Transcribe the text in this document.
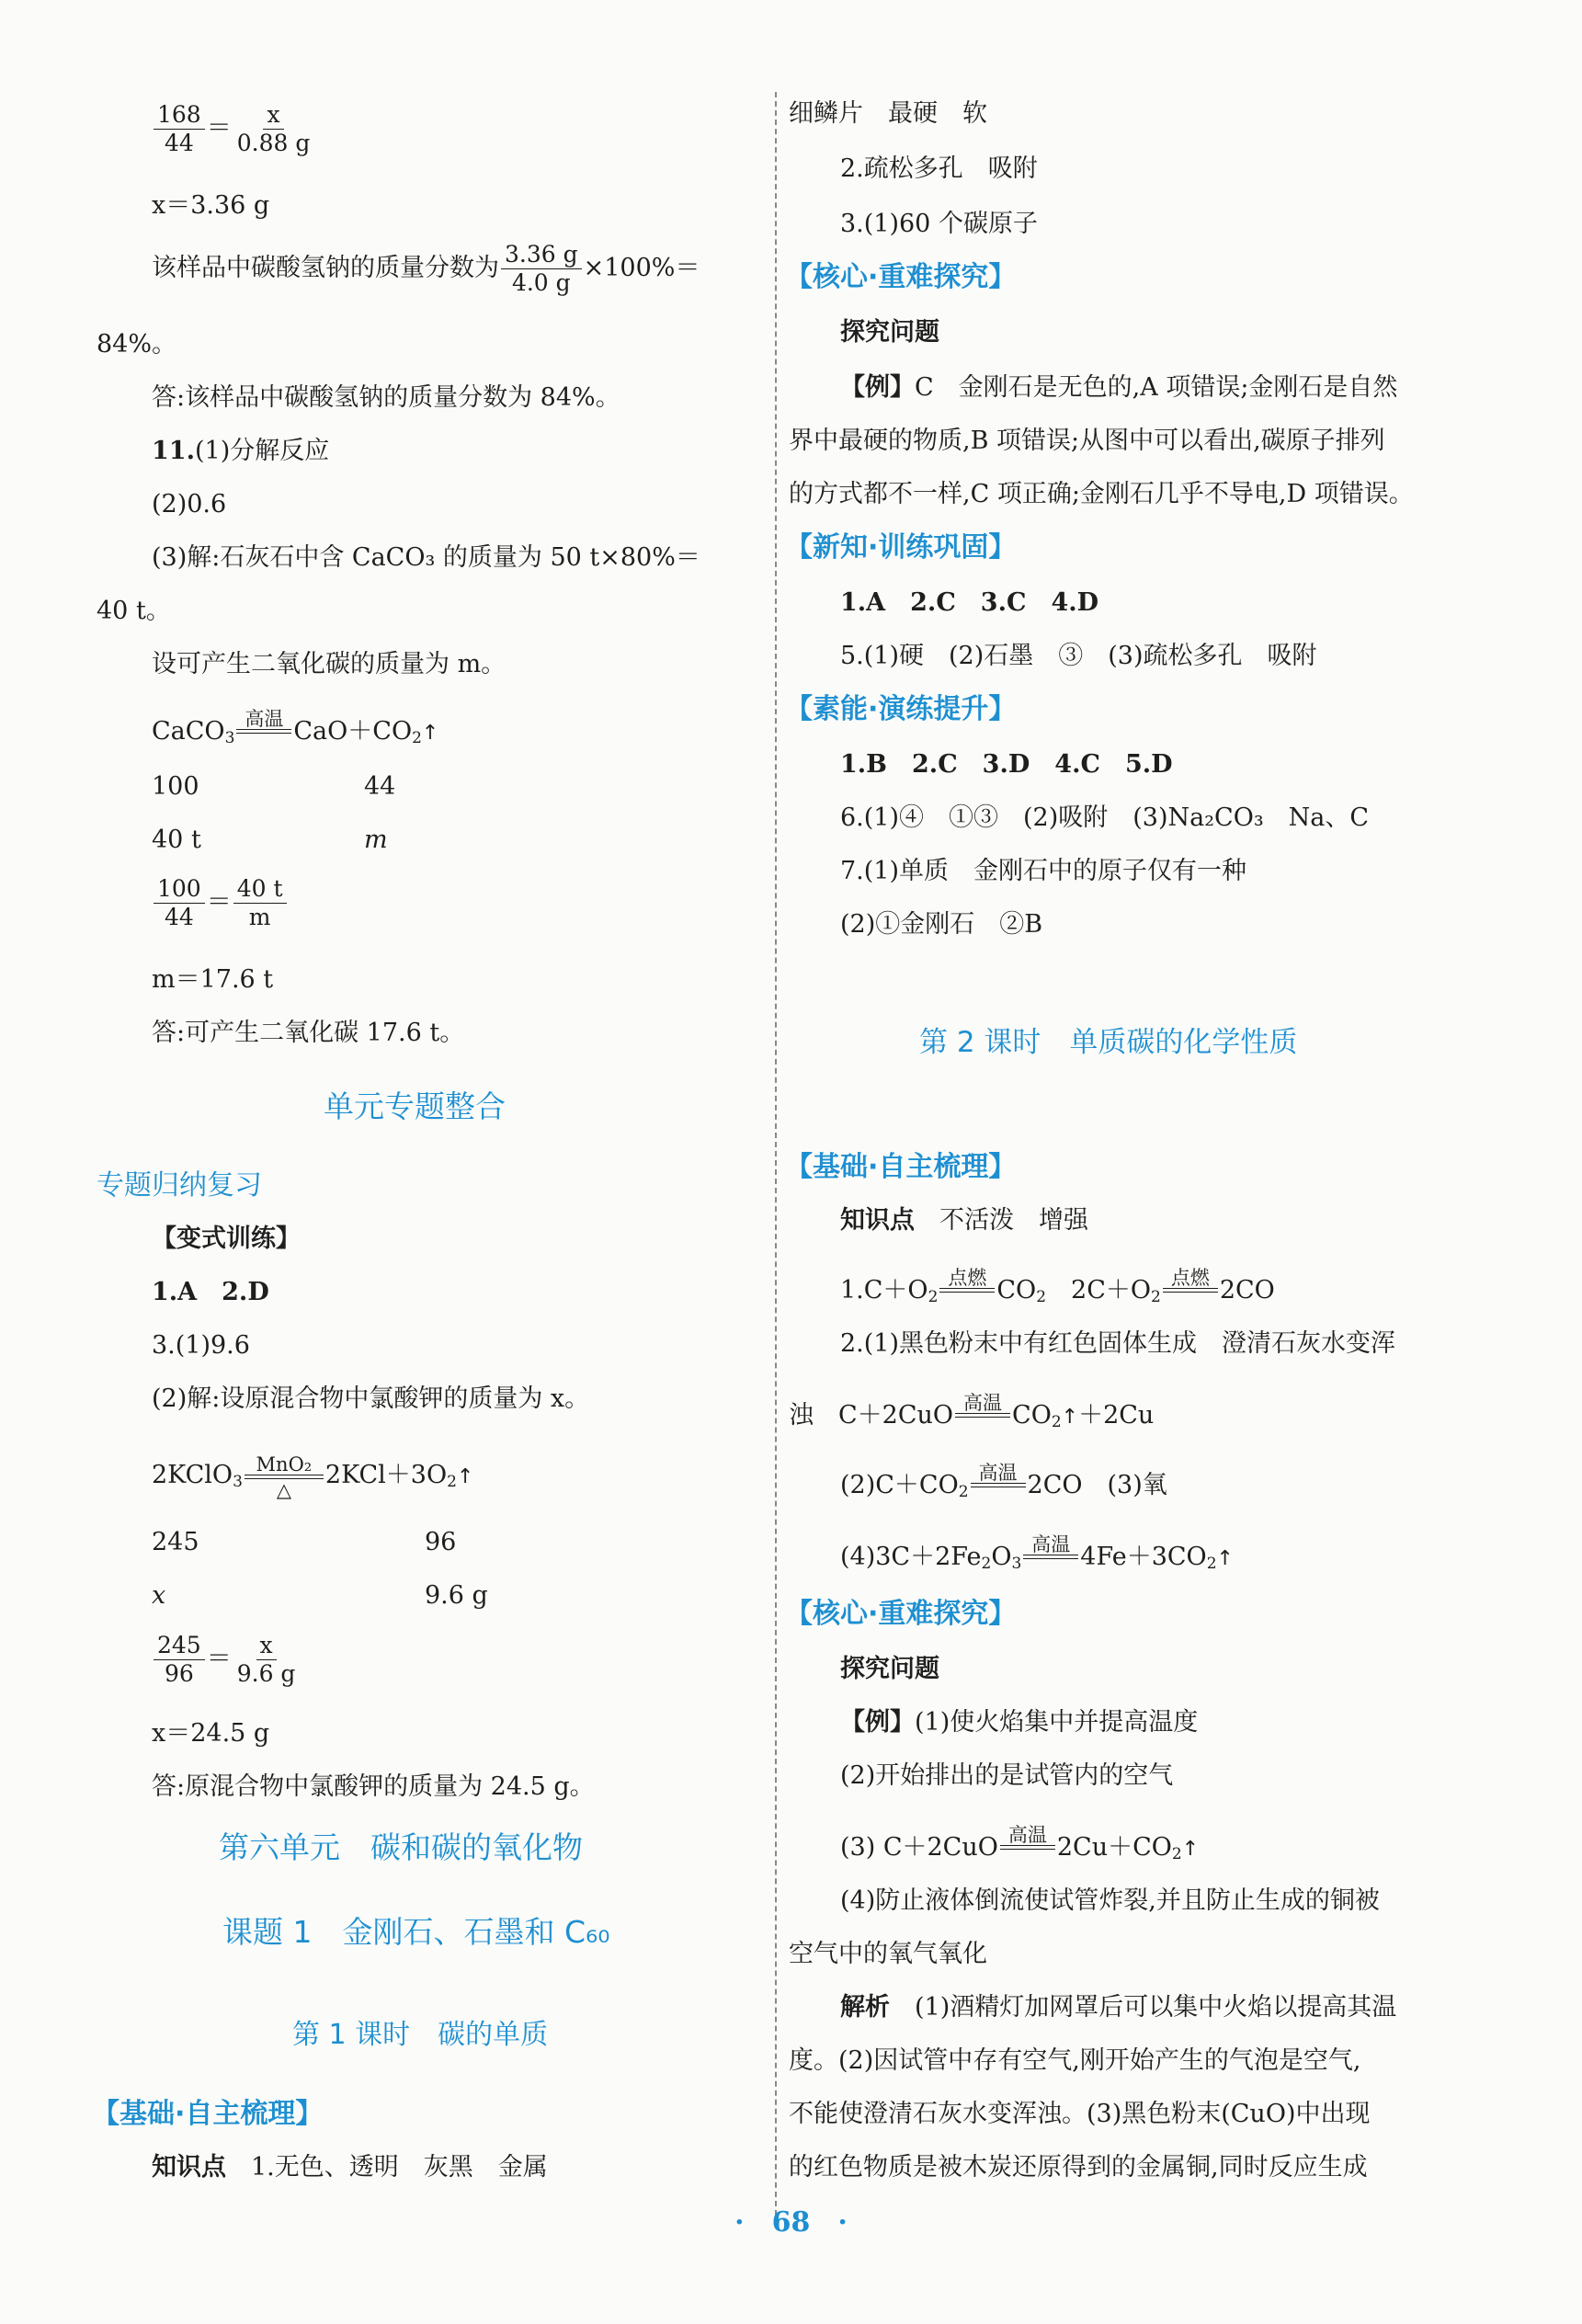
$\frac{168}{44} = \frac{x}{0.88 g}$
x＝3.36 g
该样品中碳酸氢钠的质量分数为 $\frac{3.36 g}{4.0 g} \times 100\%=$
84%。
答:该样品中碳酸氢钠的质量分数为 84%。
11.(1)分解反应
(2)0.6
(3)解:石灰石中含 CaCO₃ 的质量为 50 t×80%＝
40 t。
设可产生二氧化碳的质量为 m。
CaCO$_3$
高温 $CaO+CO_2↑$
100	44
40 t	m
$\frac{100}{44} = \frac{40 t}{m}$
m＝17.6 t
答:可产生二氧化碳 17.6 t。
单元专题整合
专题归纳复习
【变式训练】
1.A　2.D
3.(1)9.6
(2)解:设原混合物中氯酸钾的质量为 x。
2KClO$_3$
MnO₂
△
$2KCl+3O_2↑$
245	96
x	9.6 g
$\frac{245}{96} = \frac{x}{9.6 g}$
x＝24.5 g
答:原混合物中氯酸钾的质量为 24.5 g。
第六单元　碳和碳的氧化物
课题 1　金刚石、石墨和 C₆₀
第 1 课时　碳的单质
【基础·自主梳理】
知识点　 1.无色、透明　灰黑　金属
细鳞片　最硬　软
2.疏松多孔　吸附
3.(1)60 个碳原子
【核心·重难探究】
探究问题
【例】C　金刚石是无色的,A 项错误;金刚石是自然
界中最硬的物质,B 项错误;从图中可以看出,碳原子排列
的方式都不一样,C 项正确;金刚石几乎不导电,D 项错误。
【新知·训练巩固】
1.A　2.C　3.C　4.D
5.(1)硬　(2)石墨　③　(3)疏松多孔　吸附
【素能·演练提升】
1.B　2.C　3.D　4.C　5.D
6.(1)④　①③　(2)吸附　(3)Na₂CO₃　Na、C
7.(1)单质　金刚石中的原子仅有一种
(2)①金刚石　②B
第 2 课时　单质碳的化学性质
【基础·自主梳理】
知识点　 不活泼　增强
$1.C+O_2$
点燃 $CO_2$　 $2C+O_2$
点燃 2CO
2.(1)黑色粉末中有红色固体生成　澄清石灰水变浑
浊　C＋2CuO 高温 $CO_2↑+2Cu$
$(2)C+CO_2$
高温 2CO　(3)氧
$(4)3C+2Fe_2O_3$
高温 $4Fe+3CO_2↑$
【核心·重难探究】
探究问题
【例】(1)使火焰集中并提高温度
(2)开始排出的是试管内的空气
(3) C＋2CuO 高温 $2Cu+CO_2↑$
(4)防止液体倒流使试管炸裂,并且防止生成的铜被
空气中的氧气氧化
解析　 (1)酒精灯加网罩后可以集中火焰以提高其温
度。(2)因试管中存有空气,刚开始产生的气泡是空气,
不能使澄清石灰水变浑浊。(3)黑色粉末(CuO)中出现
的红色物质是被木炭还原得到的金属铜,同时反应生成
·　68　·
